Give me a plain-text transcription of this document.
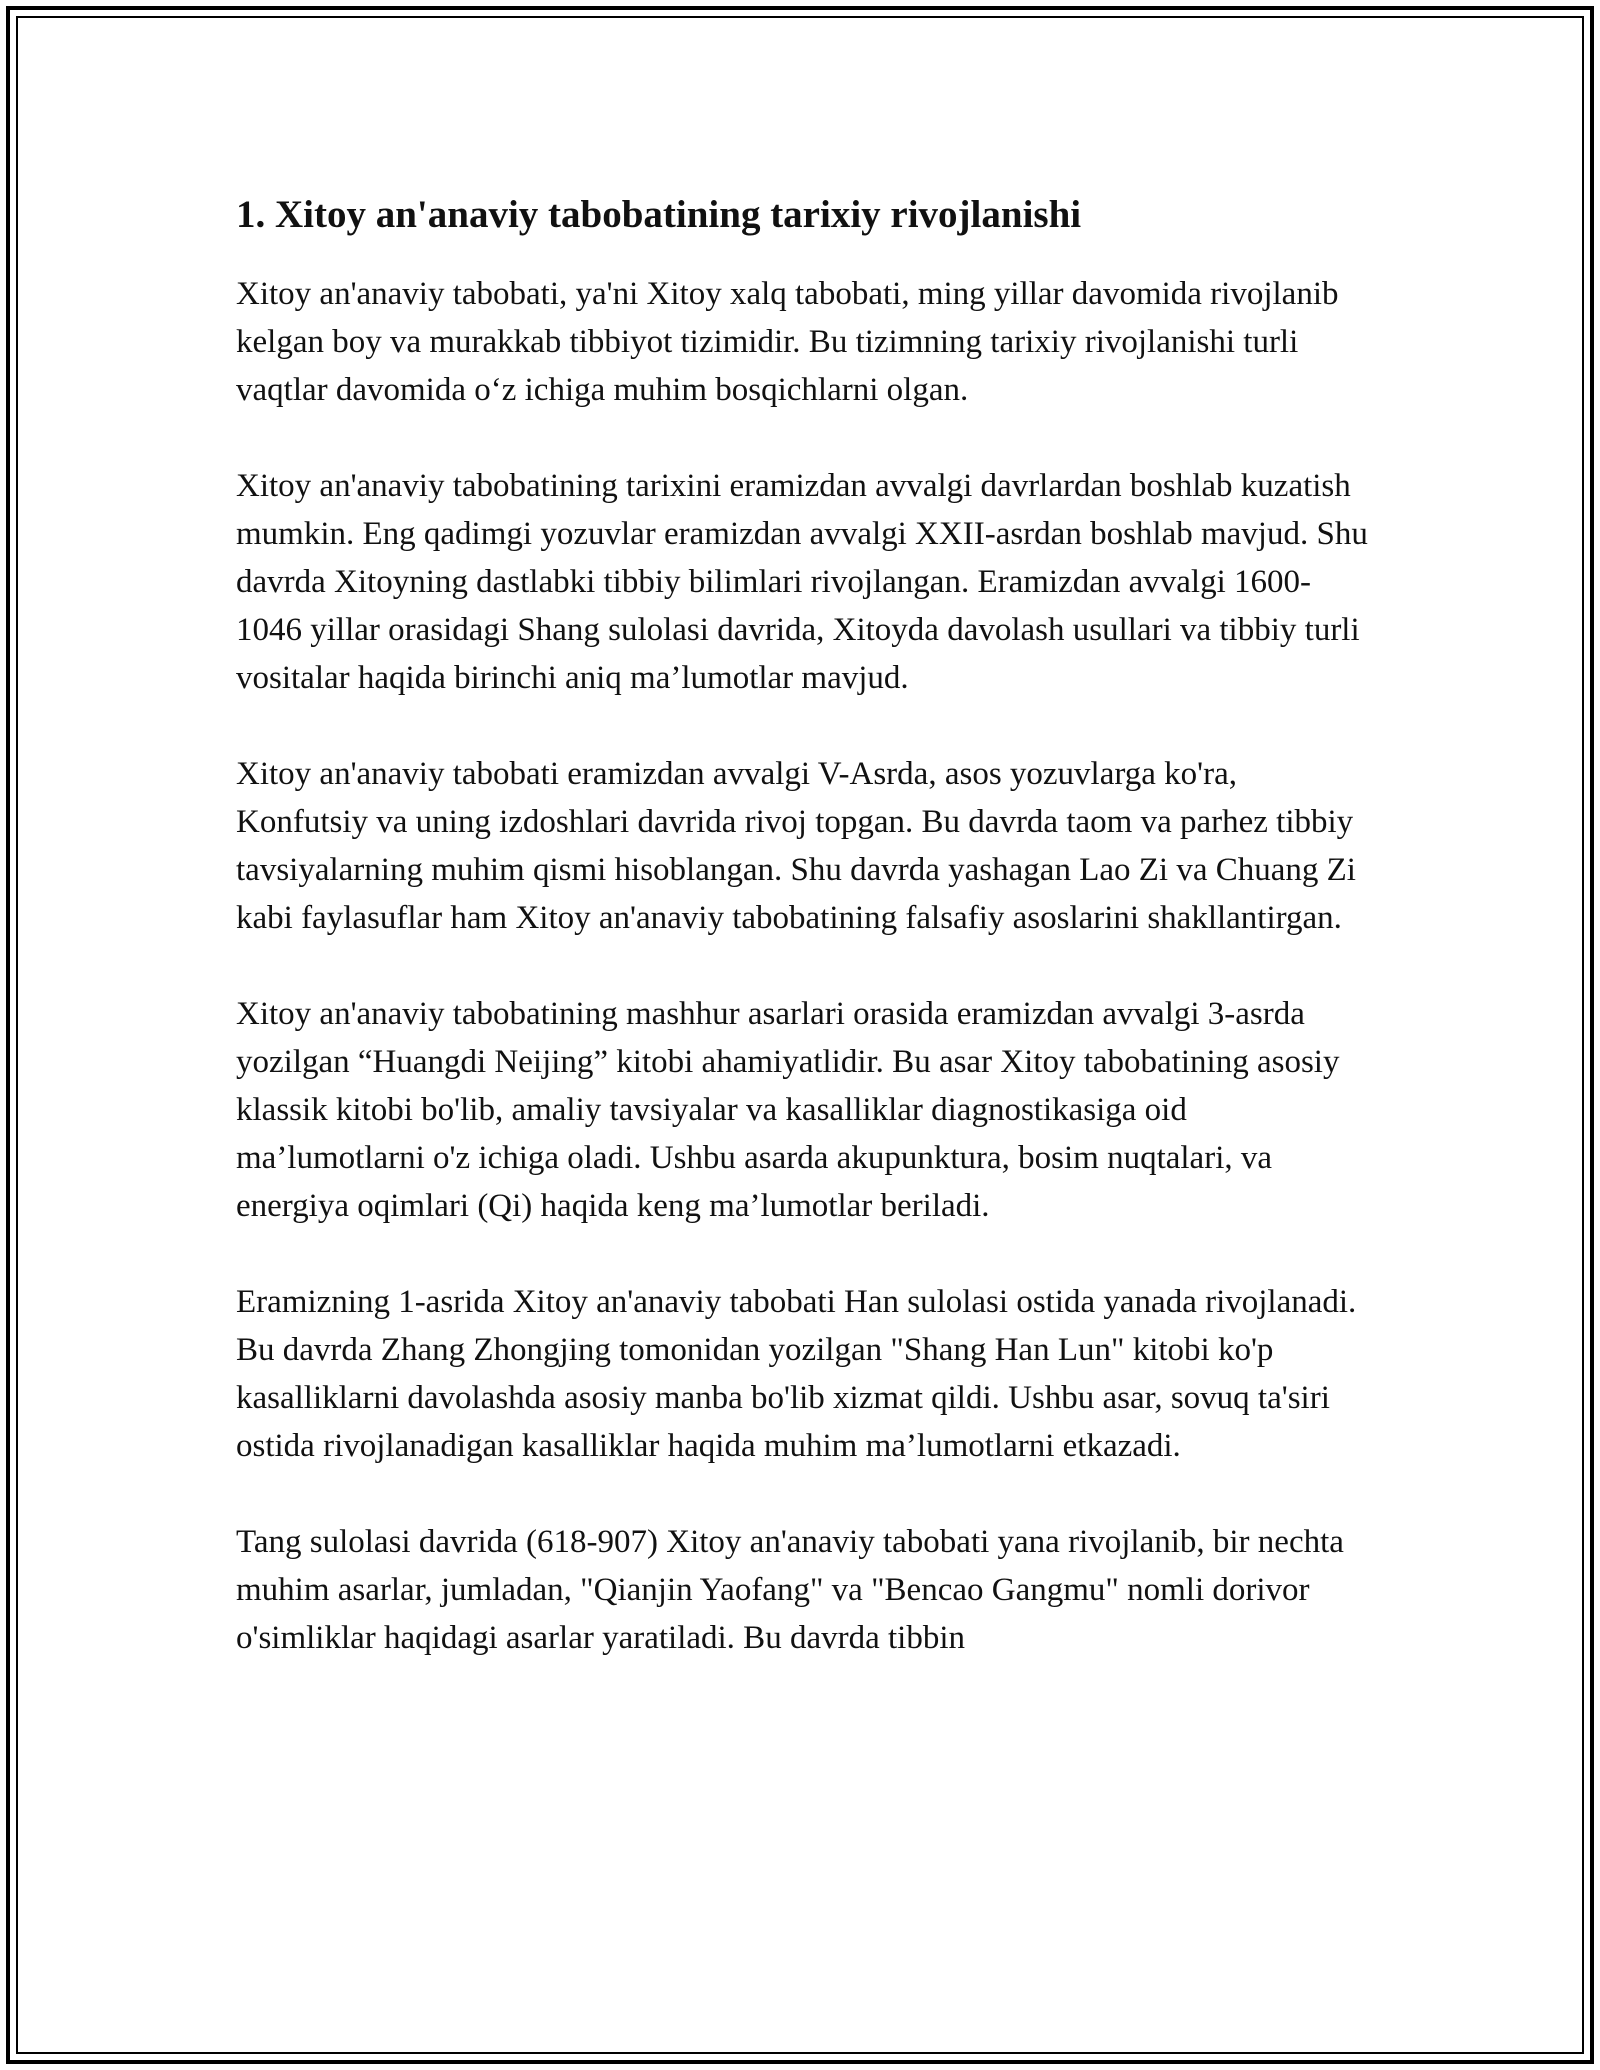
1. Xitoy an'anaviy tabobatining tarixiy rivojlanishi

Xitoy an'anaviy tabobati, ya'ni Xitoy xalq tabobati, ming yillar davomida rivojlanib kelgan boy va murakkab tibbiyot tizimidir. Bu tizimning tarixiy rivojlanishi turli vaqtlar davomida o‘z ichiga muhim bosqichlarni olgan.

Xitoy an'anaviy tabobatining tarixini eramizdan avvalgi davrlardan boshlab kuzatish mumkin. Eng qadimgi yozuvlar eramizdan avvalgi XXII-asrdan boshlab mavjud. Shu davrda Xitoyning dastlabki tibbiy bilimlari rivojlangan. Eramizdan avvalgi 1600-1046 yillar orasidagi Shang sulolasi davrida, Xitoyda davolash usullari va tibbiy turli vositalar haqida birinchi aniq ma’lumotlar mavjud.

Xitoy an'anaviy tabobati eramizdan avvalgi V-Asrda, asos yozuvlarga ko'ra, Konfutsiy va uning izdoshlari davrida rivoj topgan. Bu davrda taom va parhez tibbiy tavsiyalarning muhim qismi hisoblangan. Shu davrda yashagan Lao Zi va Chuang Zi kabi faylasuflar ham Xitoy an'anaviy tabobatining falsafiy asoslarini shakllantirgan.

Xitoy an'anaviy tabobatining mashhur asarlari orasida eramizdan avvalgi 3-asrda yozilgan “Huangdi Neijing” kitobi ahamiyatlidir. Bu asar Xitoy tabobatining asosiy klassik kitobi bo'lib, amaliy tavsiyalar va kasalliklar diagnostikasiga oid ma’lumotlarni o'z ichiga oladi. Ushbu asarda akupunktura, bosim nuqtalari, va energiya oqimlari (Qi) haqida keng ma’lumotlar beriladi.

Eramizning 1-asrida Xitoy an'anaviy tabobati Han sulolasi ostida yanada rivojlanadi. Bu davrda Zhang Zhongjing tomonidan yozilgan "Shang Han Lun" kitobi ko'p kasalliklarni davolashda asosiy manba bo'lib xizmat qildi. Ushbu asar, sovuq ta'siri ostida rivojlanadigan kasalliklar haqida muhim ma’lumotlarni etkazadi.

Tang sulolasi davrida (618-907) Xitoy an'anaviy tabobati yana rivojlanib, bir nechta muhim asarlar, jumladan, "Qianjin Yaofang" va "Bencao Gangmu" nomli dorivor o'simliklar haqidagi asarlar yaratiladi. Bu davrda tibbin
